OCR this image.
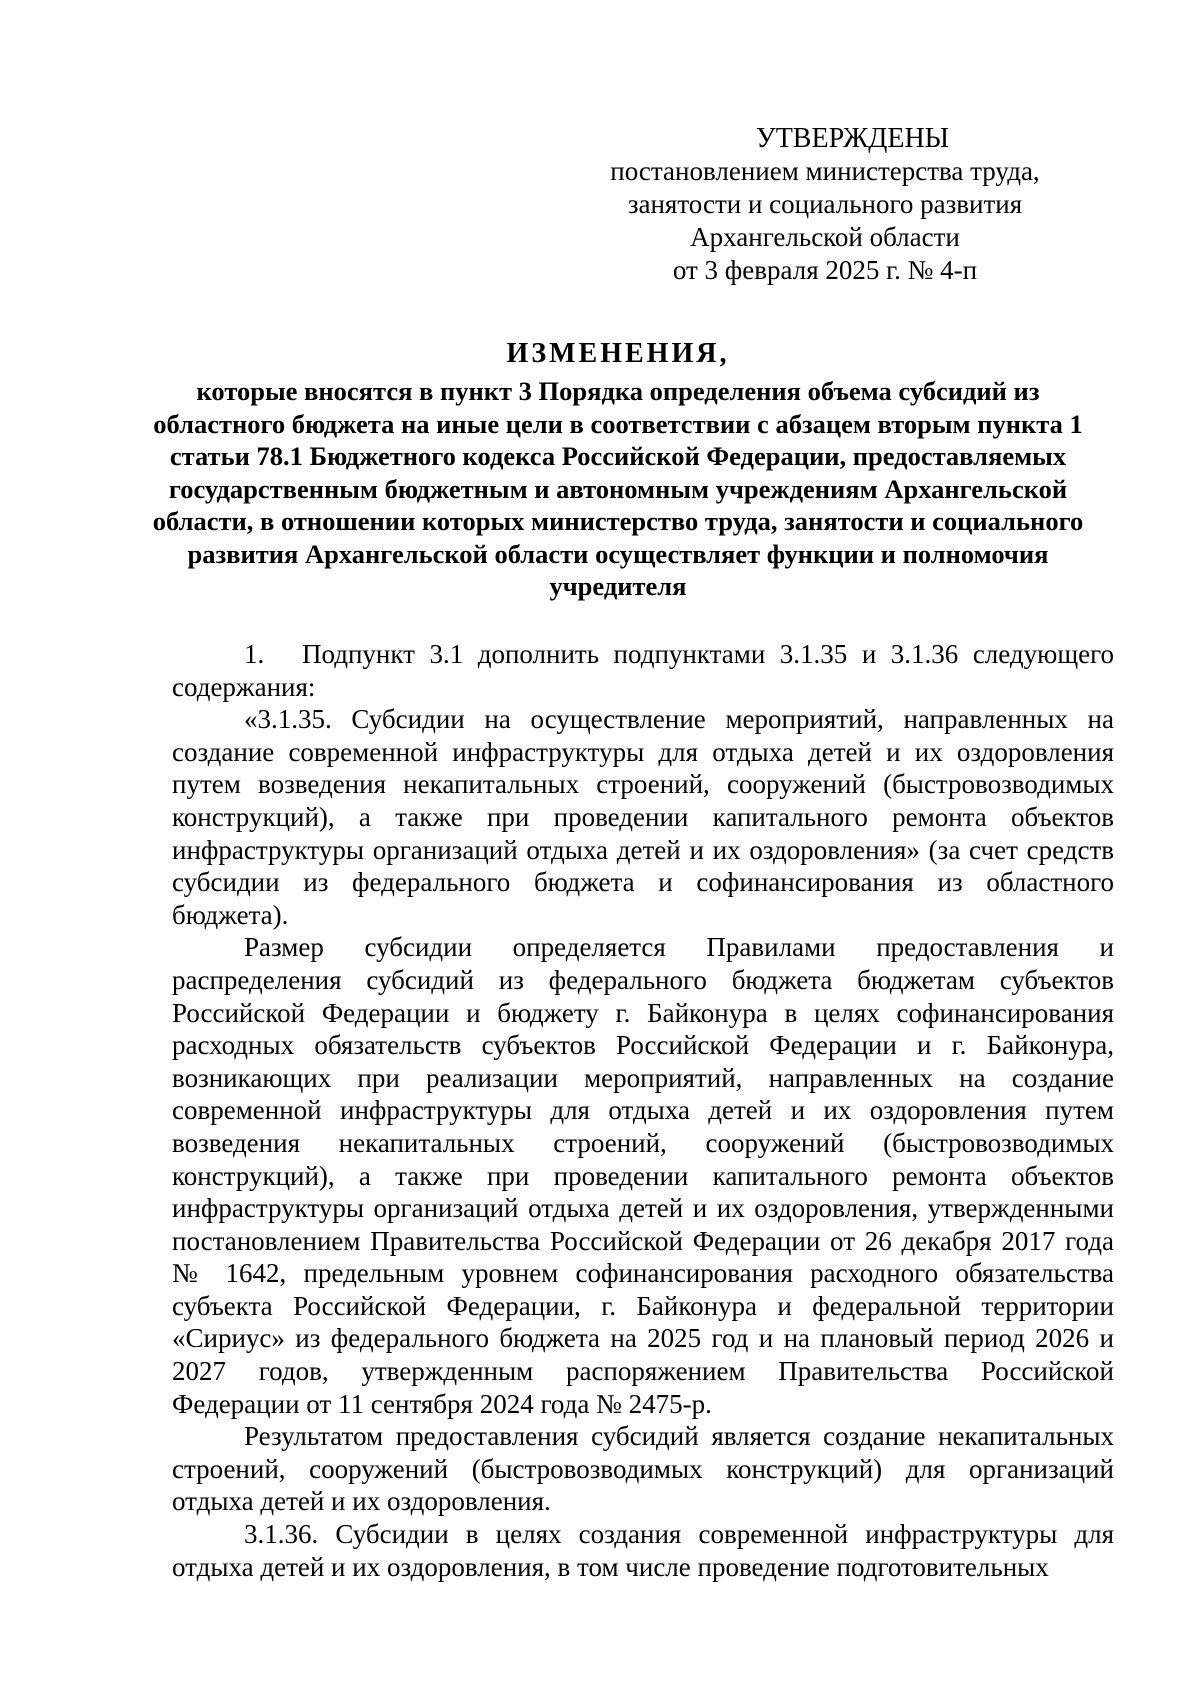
УТВЕРЖДЕНЫ
постановлением министерства труда,
занятости и социального развития
Архангельской области
от 3 февраля 2025 г. № 4-п
ИЗМЕНЕНИЯ,
которые вносятся в пункт 3 Порядка определения объема субсидий из областного бюджета на иные цели в соответствии с абзацем вторым пункта 1 статьи 78.1 Бюджетного кодекса Российской Федерации, предоставляемых государственным бюджетным и автономным учреждениям Архангельской области, в отношении которых министерство труда, занятости и социального развития Архангельской области осуществляет функции и полномочия учредителя

1. Подпункт 3.1 дополнить подпунктами 3.1.35 и 3.1.36 следующего содержания:

«3.1.35. Субсидии на осуществление мероприятий, направленных на создание современной инфраструктуры для отдыха детей и их оздоровления путем возведения некапитальных строений, сооружений (быстровозводимых конструкций), а также при проведении капитального ремонта объектов инфраструктуры организаций отдыха детей и их оздоровления» (за счет средств субсидии из федерального бюджета и софинансирования из областного бюджета).

Размер субсидии определяется Правилами предоставления и распределения субсидий из федерального бюджета бюджетам субъектов Российской Федерации и бюджету г. Байконура в целях софинансирования расходных обязательств субъектов Российской Федерации и г. Байконура, возникающих при реализации мероприятий, направленных на создание современной инфраструктуры для отдыха детей и их оздоровления путем возведения некапитальных строений, сооружений (быстровозводимых конструкций), а также при проведении капитального ремонта объектов инфраструктуры организаций отдыха детей и их оздоровления, утвержденными постановлением Правительства Российской Федерации от 26 декабря 2017 года № 1642, предельным уровнем софинансирования расходного обязательства субъекта Российской Федерации, г. Байконура и федеральной территории «Сириус» из федерального бюджета на 2025 год и на плановый период 2026 и 2027 годов, утвержденным распоряжением Правительства Российской Федерации от 11 сентября 2024 года № 2475-р.

Результатом предоставления субсидий является создание некапитальных строений, сооружений (быстровозводимых конструкций) для организаций отдыха детей и их оздоровления.

3.1.36. Субсидии в целях создания современной инфраструктуры для отдыха детей и их оздоровления, в том числе проведение подготовительных
